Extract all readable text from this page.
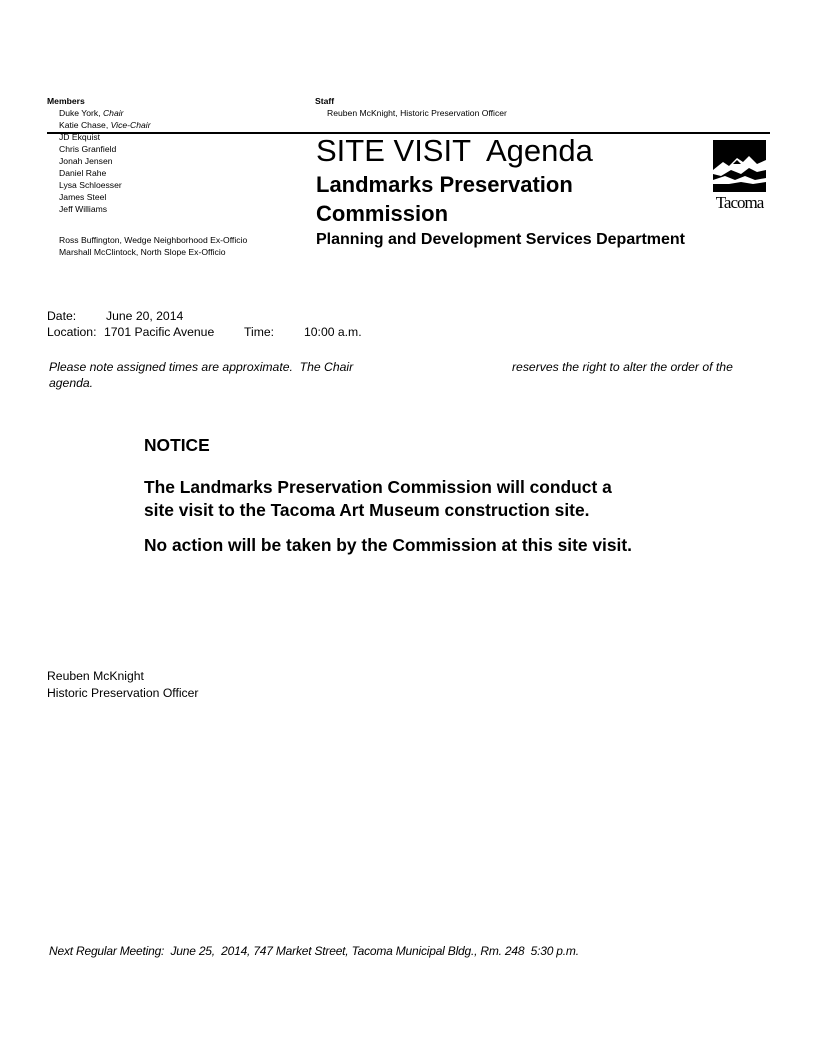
Members
Duke York, Chair
Katie Chase, Vice-Chair
JD Ekquist
Chris Granfield
Jonah Jensen
Daniel Rahe
Lysa Schloesser
James Steel
Jeff Williams
Ross Buffington, Wedge Neighborhood Ex-Officio
Marshall McClintock, North Slope Ex-Officio
Staff
Reuben McKnight, Historic Preservation Officer
SITE VISIT  Agenda
Landmarks Preservation Commission
Planning and Development Services Department
Tacoma
Date: June 20, 2014
Location: 1701 Pacific Avenue Time: 10:00 a.m.
Please note assigned times are approximate.  The Chair	reserves the right to alter the order of the
agenda.
NOTICE
The Landmarks Preservation Commission will conduct a site visit to the Tacoma Art Museum construction site.
No action will be taken by the Commission at this site visit.
Reuben McKnight
Historic Preservation Officer
Next Regular Meeting:  June 25,  2014, 747 Market Street, Tacoma Municipal Bldg., Rm. 248  5:30 p.m.
